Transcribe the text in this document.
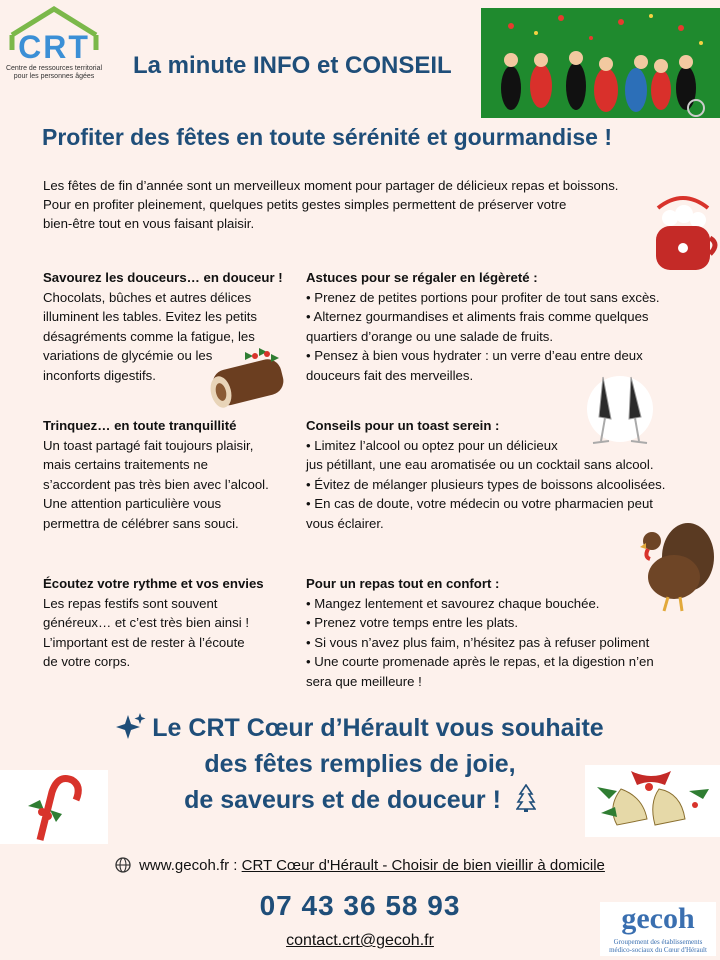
CRT
Centre de ressources territorial
pour les personnes âgées	La minute INFO et CONSEIL
Profiter des fêtes en toute sérénité et gourmandise !
Les fêtes de fin d’année sont un merveilleux moment pour partager de délicieux repas et boissons.
Pour en profiter pleinement, quelques petits gestes simples permettent de préserver votre
bien-être tout en vous faisant plaisir.
Savourez les douceurs… en douceur !
Chocolats, bûches et autres délices
illuminent les tables. Evitez les petits
désagréments comme la fatigue, les
variations de glycémie ou les
inconforts digestifs.
Astuces pour se régaler en légèreté :
• Prenez de petites portions pour profiter de tout sans excès.
• Alternez gourmandises et aliments frais comme quelques
quartiers d’orange ou une salade de fruits.
• Pensez à bien vous hydrater : un verre d’eau entre deux
douceurs fait des merveilles.
Trinquez… en toute tranquillité
Un toast partagé fait toujours plaisir,
mais certains traitements ne
s’accordent pas très bien avec l’alcool.
Une attention particulière vous
permettra de célébrer sans souci.
Conseils pour un toast serein :
• Limitez l’alcool ou optez pour un délicieux
jus pétillant, une eau aromatisée ou un cocktail sans alcool.
• Évitez de mélanger plusieurs types de boissons alcoolisées.
• En cas de doute, votre médecin ou votre pharmacien peut
vous éclairer.
Écoutez votre rythme et vos envies
Les repas festifs sont souvent
généreux… et c’est très bien ainsi !
L’important est de rester à l’écoute
de votre corps.
Pour un repas tout en confort :
• Mangez lentement et savourez chaque bouchée.
• Prenez votre temps entre les plats.
• Si vous n’avez plus faim, n’hésitez pas à refuser poliment
• Une courte promenade après le repas, et la digestion n’en
sera que meilleure !
Le CRT Cœur d’Hérault vous souhaite
des fêtes remplies de joie,
de saveurs et de douceur !
www.gecoh.fr : CRT Cœur d'Hérault - Choisir de bien vieillir à domicile
07 43 36 58 93
contact.crt@gecoh.fr
gecoh
Groupement des établissements
médico-sociaux du Cœur d'Hérault
